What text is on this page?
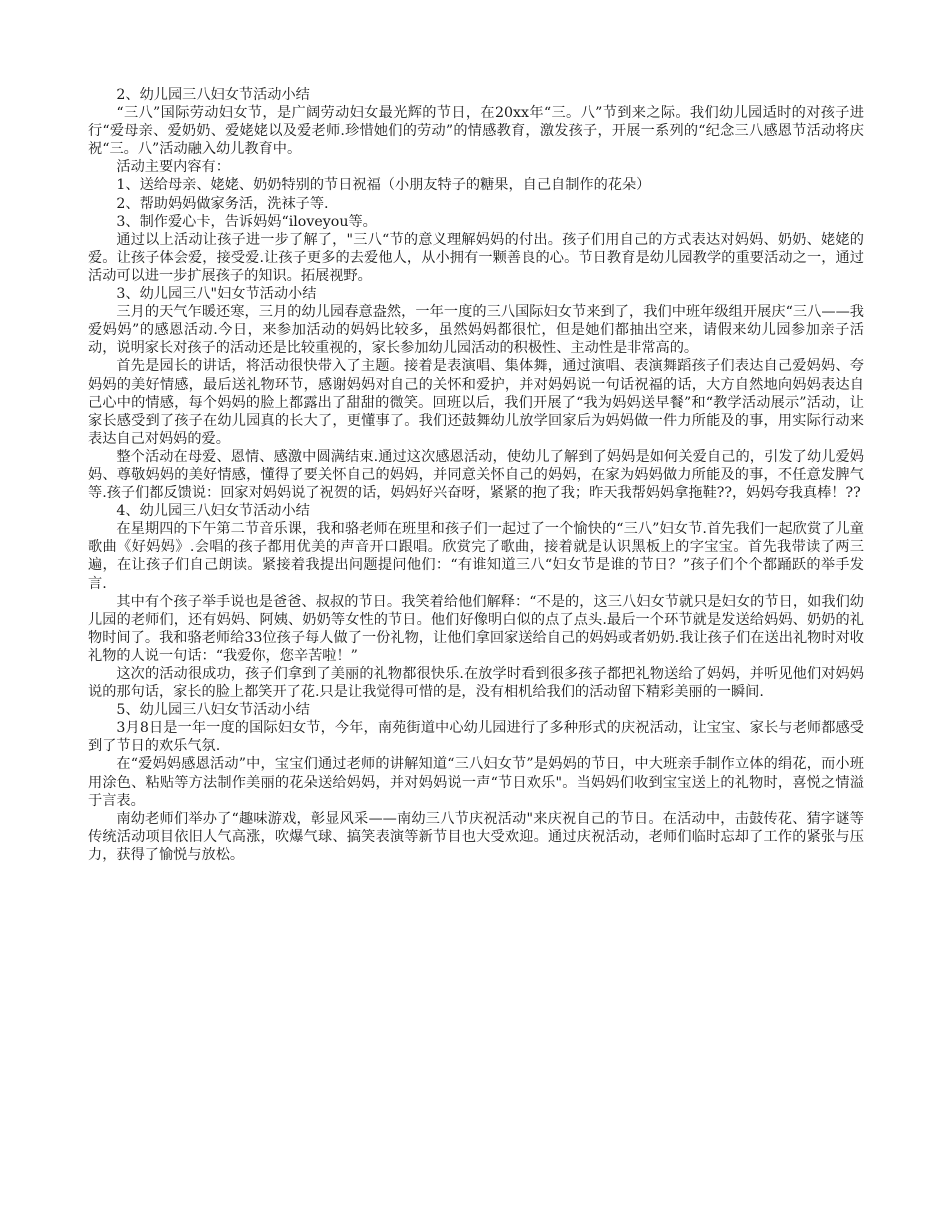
2、幼儿园三八妇女节活动小结

“三八”国际劳动妇女节，是广阔劳动妇女最光辉的节日，在20xx年“三。八”节到来之际。我们幼儿园适时的对孩子进行“爱母亲、爱奶奶、爱姥姥以及爱老师.珍惜她们的劳动”的情感教育，激发孩子，开展一系列的“纪念三八感恩节活动将庆祝“三。八”活动融入幼儿教育中。

活动主要内容有：

1、送给母亲、姥姥、奶奶特别的节日祝福（小朋友特子的糖果，自己自制作的花朵）

2、帮助妈妈做家务活，洗袜子等.

3、制作爱心卡，告诉妈妈“iloveyou等。

通过以上活动让孩子进一步了解了，"三八“节的意义理解妈妈的付出。孩子们用自己的方式表达对妈妈、奶奶、姥姥的爱。让孩子体会爱，接受爱.让孩子更多的去爱他人，从小拥有一颗善良的心。节日教育是幼儿园教学的重要活动之一，通过活动可以进一步扩展孩子的知识。拓展视野。

3、幼儿园三八"妇女节活动小结

三月的天气乍暖还寒，三月的幼儿园春意盎然，一年一度的三八国际妇女节来到了，我们中班年级组开展庆“三八——我爱妈妈”的感恩活动.今日，来参加活动的妈妈比较多，虽然妈妈都很忙，但是她们都抽出空来，请假来幼儿园参加亲子活动，说明家长对孩子的活动还是比较重视的，家长参加幼儿园活动的积极性、主动性是非常高的。

首先是园长的讲话，将活动很快带入了主题。接着是表演唱、集体舞，通过演唱、表演舞蹈孩子们表达自己爱妈妈、夸妈妈的美好情感，最后送礼物环节，感谢妈妈对自己的关怀和爱护，并对妈妈说一句话祝福的话，大方自然地向妈妈表达自己心中的情感，每个妈妈的脸上都露出了甜甜的微笑。回班以后，我们开展了“我为妈妈送早餐”和“教学活动展示”活动，让家长感受到了孩子在幼儿园真的长大了，更懂事了。我们还鼓舞幼儿放学回家后为妈妈做一件力所能及的事，用实际行动来表达自己对妈妈的爱。

整个活动在母爱、恩情、感激中圆满结束.通过这次感恩活动，使幼儿了解到了妈妈是如何关爱自己的，引发了幼儿爱妈妈、尊敬妈妈的美好情感，懂得了要关怀自己的妈妈，并同意关怀自己的妈妈，在家为妈妈做力所能及的事，不任意发脾气等.孩子们都反馈说：回家对妈妈说了祝贺的话，妈妈好兴奋呀，紧紧的抱了我；昨天我帮妈妈拿拖鞋??，妈妈夸我真棒！??

4、幼儿园三八妇女节活动小结

在星期四的下午第二节音乐课，我和骆老师在班里和孩子们一起过了一个愉快的“三八”妇女节.首先我们一起欣赏了儿童歌曲《好妈妈》.会唱的孩子都用优美的声音开口跟唱。欣赏完了歌曲，接着就是认识黑板上的字宝宝。首先我带读了两三遍，在让孩子们自己朗读。紧接着我提出问题提问他们：“有谁知道三八“妇女节是谁的节日？”孩子们个个都踊跃的举手发言.

其中有个孩子举手说也是爸爸、叔叔的节日。我笑着给他们解释：“不是的，这三八妇女节就只是妇女的节日，如我们幼儿园的老师们，还有妈妈、阿姨、奶奶等女性的节日。他们好像明白似的点了点头.最后一个环节就是发送给妈妈、奶奶的礼物时间了。我和骆老师给33位孩子每人做了一份礼物，让他们拿回家送给自己的妈妈或者奶奶.我让孩子们在送出礼物时对收礼物的人说一句话：“我爱你，您辛苦啦！”

这次的活动很成功，孩子们拿到了美丽的礼物都很快乐.在放学时看到很多孩子都把礼物送给了妈妈，并听见他们对妈妈说的那句话，家长的脸上都笑开了花.只是让我觉得可惜的是，没有相机给我们的活动留下精彩美丽的一瞬间.

5、幼儿园三八妇女节活动小结

3月8日是一年一度的国际妇女节，今年，南苑街道中心幼儿园进行了多种形式的庆祝活动，让宝宝、家长与老师都感受到了节日的欢乐气氛.

在“爱妈妈感恩活动”中，宝宝们通过老师的讲解知道“三八妇女节”是妈妈的节日，中大班亲手制作立体的绢花，而小班用涂色、粘贴等方法制作美丽的花朵送给妈妈，并对妈妈说一声“节日欢乐"。当妈妈们收到宝宝送上的礼物时，喜悦之情溢于言表。

南幼老师们举办了“趣味游戏，彰显风采——南幼三八节庆祝活动"来庆祝自己的节日。在活动中，击鼓传花、猜字谜等传统活动项目依旧人气高涨，吹爆气球、搞笑表演等新节目也大受欢迎。通过庆祝活动，老师们临时忘却了工作的紧张与压力，获得了愉悦与放松。
